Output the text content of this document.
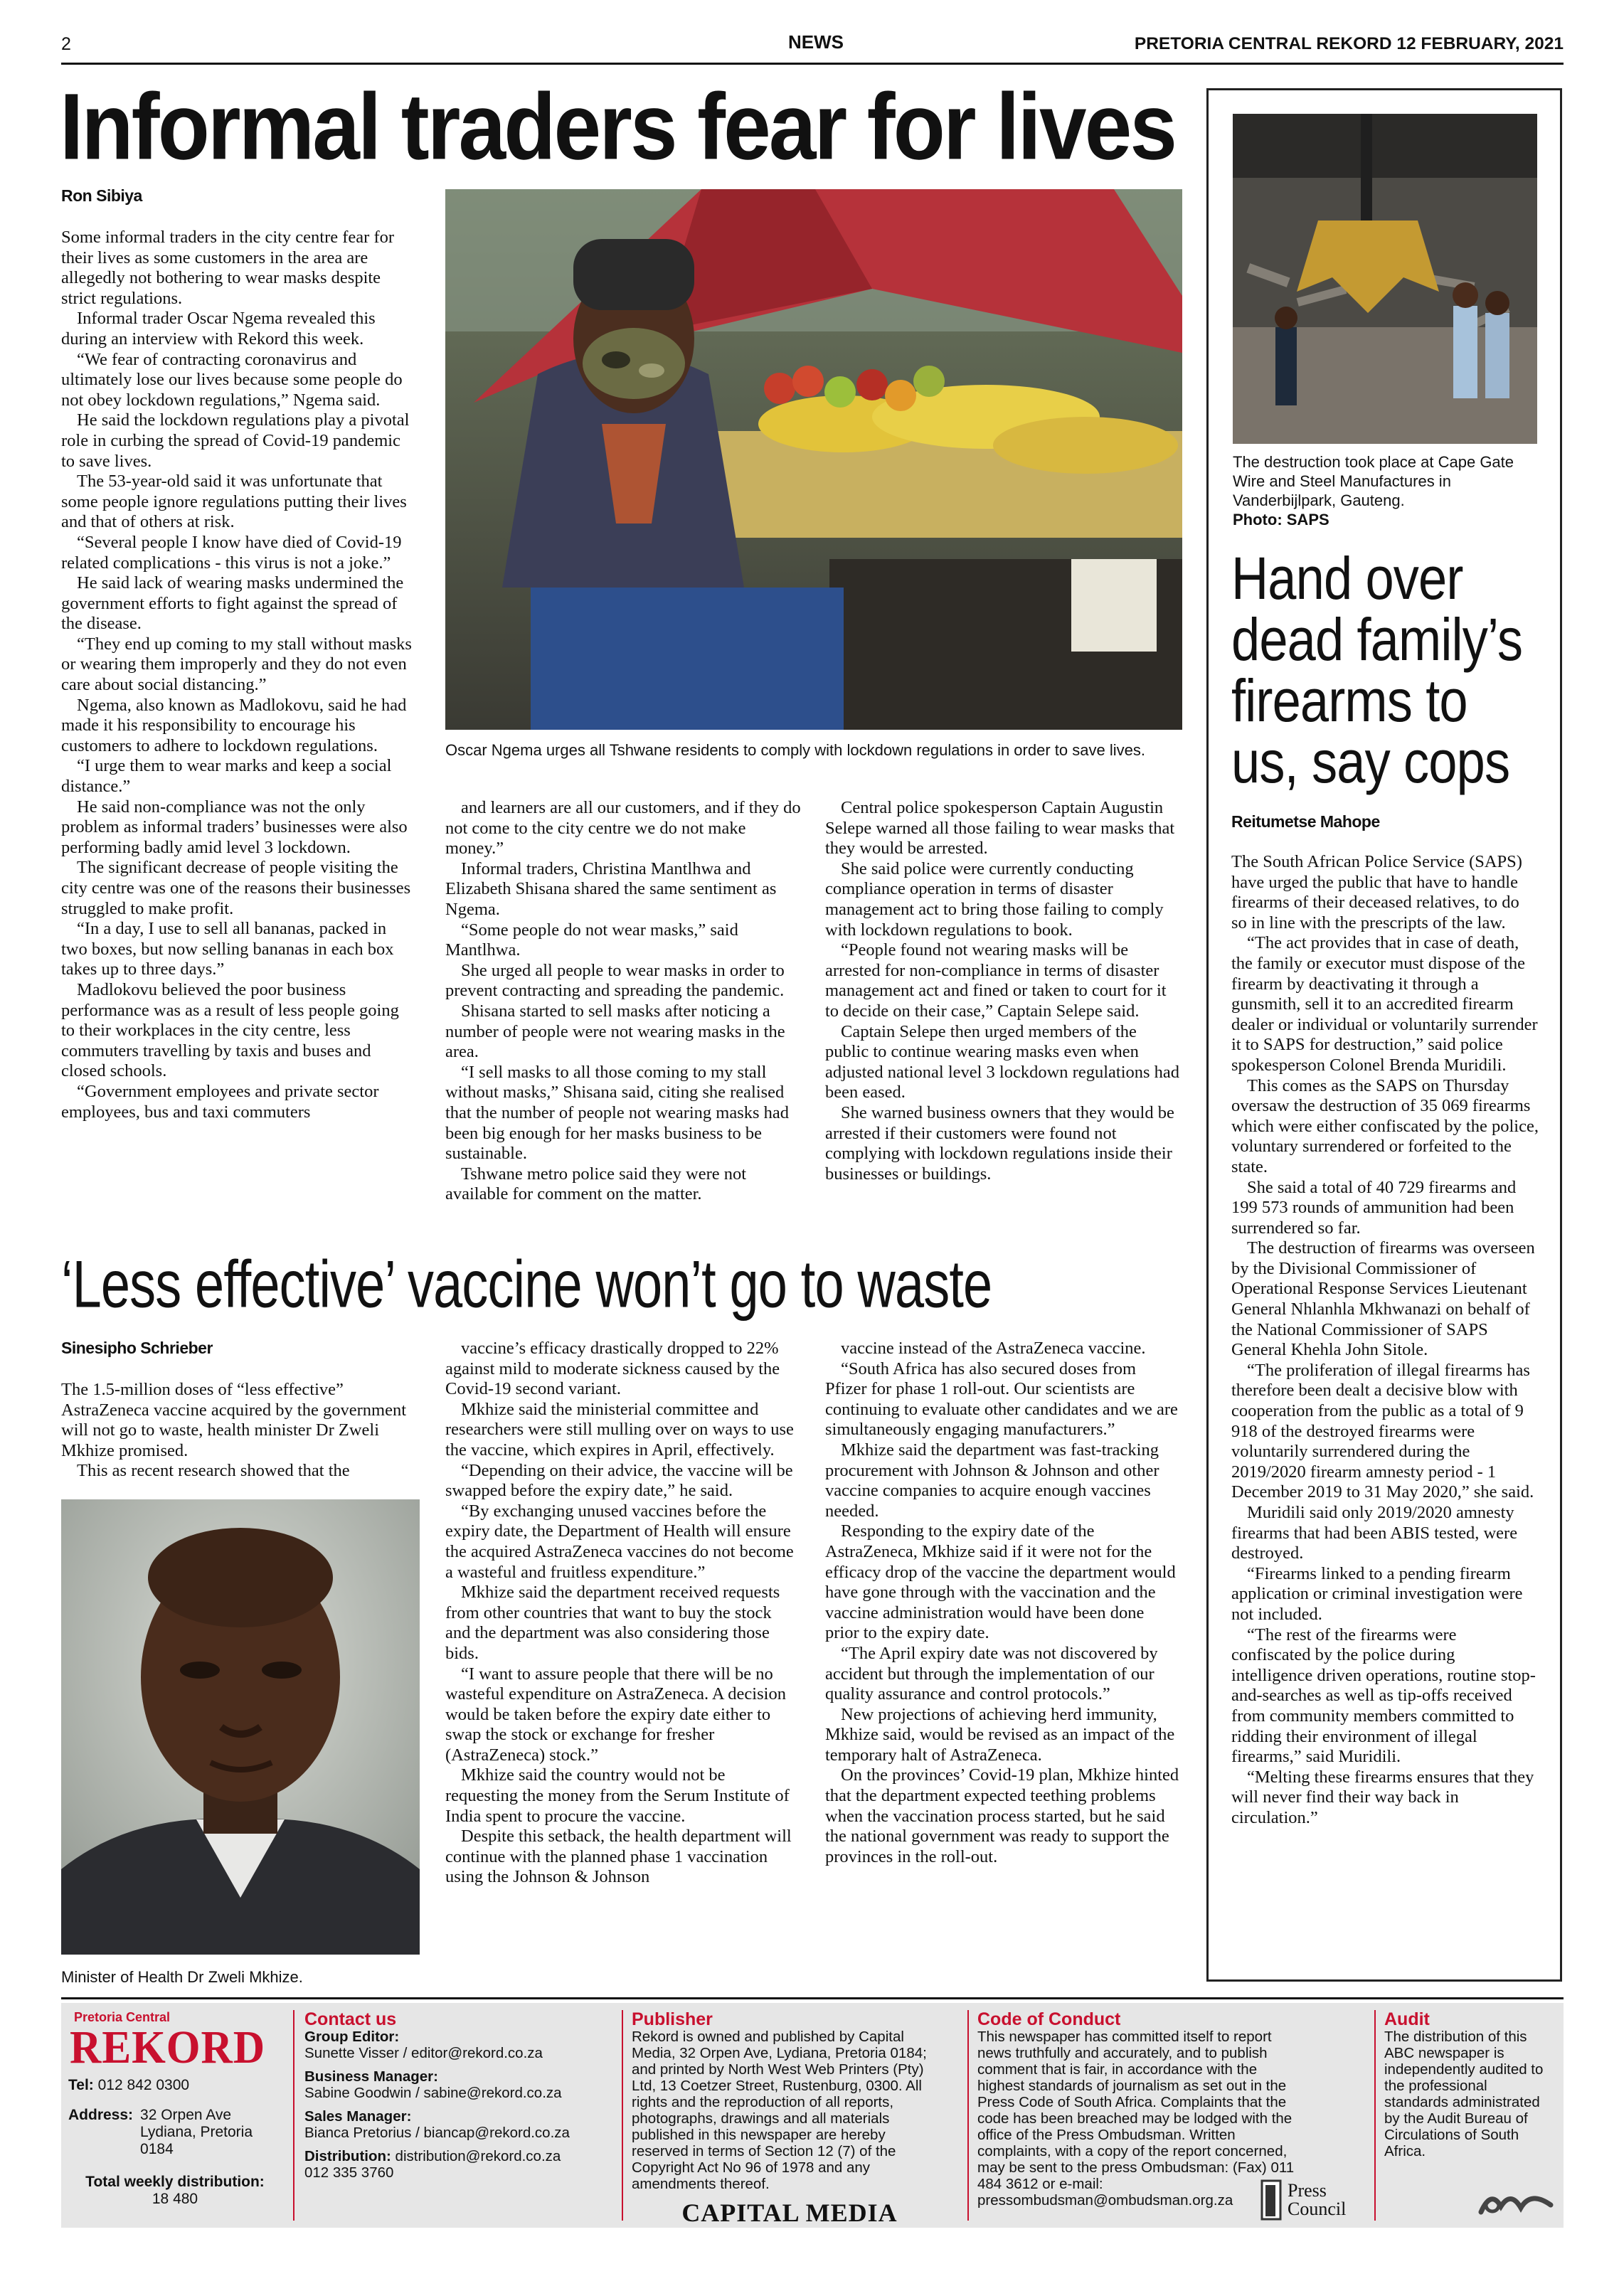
2	NEWS	PRETORIA CENTRAL REKORD 12 FEBRUARY, 2021
Informal traders fear for lives
Ron Sibiya
Oscar Ngema urges all Tshwane residents to comply with lockdown regulations in order to save lives.

Some informal traders in the city centre fear for their lives as some customers in the area are allegedly not bothering to wear masks despite strict regulations.

Informal trader Oscar Ngema revealed this during an interview with Rekord this week.

“We fear of contracting coronavirus and ultimately lose our lives because some people do not obey lockdown regulations,” Ngema said.

He said the lockdown regulations play a pivotal role in curbing the spread of Covid-19 pandemic to save lives.

The 53-year-old said it was unfortunate that some people ignore regulations putting their lives and that of others at risk.

“Several people I know have died of Covid-19 related complications - this virus is not a joke.”

He said lack of wearing masks undermined the government efforts to fight against the spread of the disease.

“They end up coming to my stall without masks or wearing them improperly and they do not even care about social distancing.”

Ngema, also known as Madlokovu, said he had made it his responsibility to encourage his customers to adhere to lockdown regulations.

“I urge them to wear marks and keep a social distance.”

He said non-compliance was not the only problem as informal traders’ businesses were also performing badly amid level 3 lockdown.

The significant decrease of people visiting the city centre was one of the reasons their businesses struggled to make profit.

“In a day, I use to sell all bananas, packed in two boxes, but now selling bananas in each box takes up to three days.”

Madlokovu believed the poor business performance was as a result of less people going to their workplaces in the city centre, less commuters travelling by taxis and buses and closed schools.

“Government employees and private sector employees, bus and taxi commuters

and learners are all our customers, and if they do not come to the city centre we do not make money.”

Informal traders, Christina Mantlhwa and Elizabeth Shisana shared the same sentiment as Ngema.

“Some people do not wear masks,” said Mantlhwa.

She urged all people to wear masks in order to prevent contracting and spreading the pandemic.

Shisana started to sell masks after noticing a number of people were not wearing masks in the area.

“I sell masks to all those coming to my stall without masks,” Shisana said, citing she realised that the number of people not wearing masks had been big enough for her masks business to be sustainable.

Tshwane metro police said they were not available for comment on the matter.

Central police spokesperson Captain Augustin Selepe warned all those failing to wear masks that they would be arrested.

She said police were currently conducting compliance operation in terms of disaster management act to bring those failing to comply with lockdown regulations to book.

“People found not wearing masks will be arrested for non-compliance in terms of disaster management act and fined or taken to court for it to decide on their case,” Captain Selepe said.

Captain Selepe then urged members of the public to continue wearing masks even when adjusted national level 3 lockdown regulations had been eased.

She warned business owners that they would be arrested if their customers were found not complying with lockdown regulations inside their businesses or buildings.

‘Less effective’ vaccine won’t go to waste
Sinesipho Schrieber

The 1.5-million doses of “less effective” AstraZeneca vaccine acquired by the government will not go to waste, health minister Dr Zweli Mkhize promised.

This as recent research showed that the

Minister of Health Dr Zweli Mkhize.

vaccine’s efficacy drastically dropped to 22% against mild to moderate sickness caused by the Covid-19 second variant.

Mkhize said the ministerial committee and researchers were still mulling over on ways to use the vaccine, which expires in April, effectively.

“Depending on their advice, the vaccine will be swapped before the expiry date,” he said.

“By exchanging unused vaccines before the expiry date, the Department of Health will ensure the acquired AstraZeneca vaccines do not become a wasteful and fruitless expenditure.”

Mkhize said the department received requests from other countries that want to buy the stock and the department was also considering those bids.

“I want to assure people that there will be no wasteful expenditure on AstraZeneca. A decision would be taken before the expiry date either to swap the stock or exchange for fresher (AstraZeneca) stock.”

Mkhize said the country would not be requesting the money from the Serum Institute of India spent to procure the vaccine.

Despite this setback, the health department will continue with the planned phase 1 vaccination using the Johnson & Johnson

vaccine instead of the AstraZeneca vaccine.

“South Africa has also secured doses from Pfizer for phase 1 roll-out. Our scientists are continuing to evaluate other candidates and we are simultaneously engaging manufacturers.”

Mkhize said the department was fast-tracking procurement with Johnson & Johnson and other vaccine companies to acquire enough vaccines needed.

Responding to the expiry date of the AstraZeneca, Mkhize said if it were not for the efficacy drop of the vaccine the department would have gone through with the vaccination and the vaccine administration would have been done prior to the expiry date.

“The April expiry date was not discovered by accident but through the implementation of our quality assurance and control protocols.”

New projections of achieving herd immunity, Mkhize said, would be revised as an impact of the temporary halt of AstraZeneca.

On the provinces’ Covid-19 plan, Mkhize hinted that the department expected teething problems when the vaccination process started, but he said the national government was ready to support the provinces in the roll-out.

The destruction took place at Cape Gate Wire and Steel Manufactures in Vanderbijlpark, Gauteng.
Photo: SAPS
Hand over
dead family’s
firearms to
us, say cops
Reitumetse Mahope

The South African Police Service (SAPS) have urged the public that have to handle firearms of their deceased relatives, to do so in line with the prescripts of the law.

“The act provides that in case of death, the family or executor must dispose of the firearm by deactivating it through a gunsmith, sell it to an accredited firearm dealer or individual or voluntarily surrender it to SAPS for destruction,” said police spokesperson Colonel Brenda Muridili.

This comes as the SAPS on Thursday oversaw the destruction of 35 069 firearms which were either confiscated by the police, voluntary surrendered or forfeited to the state.

She said a total of 40 729 firearms and 199 573 rounds of ammunition had been surrendered so far.

The destruction of firearms was overseen by the Divisional Commissioner of Operational Response Services Lieutenant General Nhlanhla Mkhwanazi on behalf of the National Commissioner of SAPS General Khehla John Sitole.

“The proliferation of illegal firearms has therefore been dealt a decisive blow with cooperation from the public as a total of 9 918 of the destroyed firearms were voluntarily surrendered during the 2019/2020 firearm amnesty period - 1 December 2019 to 31 May 2020,” she said.

Muridili said only 2019/2020 amnesty firearms that had been ABIS tested, were destroyed.

“Firearms linked to a pending firearm application or criminal investigation were not included.

“The rest of the firearms were confiscated by the police during intelligence driven operations, routine stop-and-searches as well as tip-offs received from community members committed to ridding their environment of illegal firearms,” said Muridili.

“Melting these firearms ensures that they will never find their way back in circulation.”

Pretoria Central
REKORD
Tel: 012 842 0300
Address: 32 Orpen Ave
Lydiana, Pretoria
0184
Total weekly distribution:
18 480
Contact us
Group Editor:
Sunette Visser / editor@rekord.co.za
Business Manager:
Sabine Goodwin / sabine@rekord.co.za
Sales Manager:
Bianca Pretorius / biancap@rekord.co.za
Distribution: distribution@rekord.co.za
012 335 3760
Publisher
Rekord is owned and published by Capital Media, 32 Orpen Ave, Lydiana, Pretoria 0184; and printed by North West Web Printers (Pty) Ltd, 13 Coetzer Street, Rustenburg, 0300. All rights and the reproduction of all reports, photographs, drawings and all materials published in this newspaper are hereby reserved in terms of Section 12 (7) of the Copyright Act No 96 of 1978 and any amendments thereof.
CAPITAL MEDIA
Code of Conduct
This newspaper has committed itself to report news truthfully and accurately, and to publish comment that is fair, in accordance with the highest standards of journalism as set out in the Press Code of South Africa. Complaints that the code has been breached may be lodged with the office of the Press Ombudsman. Written complaints, with a copy of the report concerned, may be sent to the press Ombudsman: (Fax) 011 484 3612 or e-mail: pressombudsman@ombudsman.org.za	Press
Council
Audit
The distribution of this ABC newspaper is independently audited to the professional standards administrated by the Audit Bureau of Circulations of South Africa.
